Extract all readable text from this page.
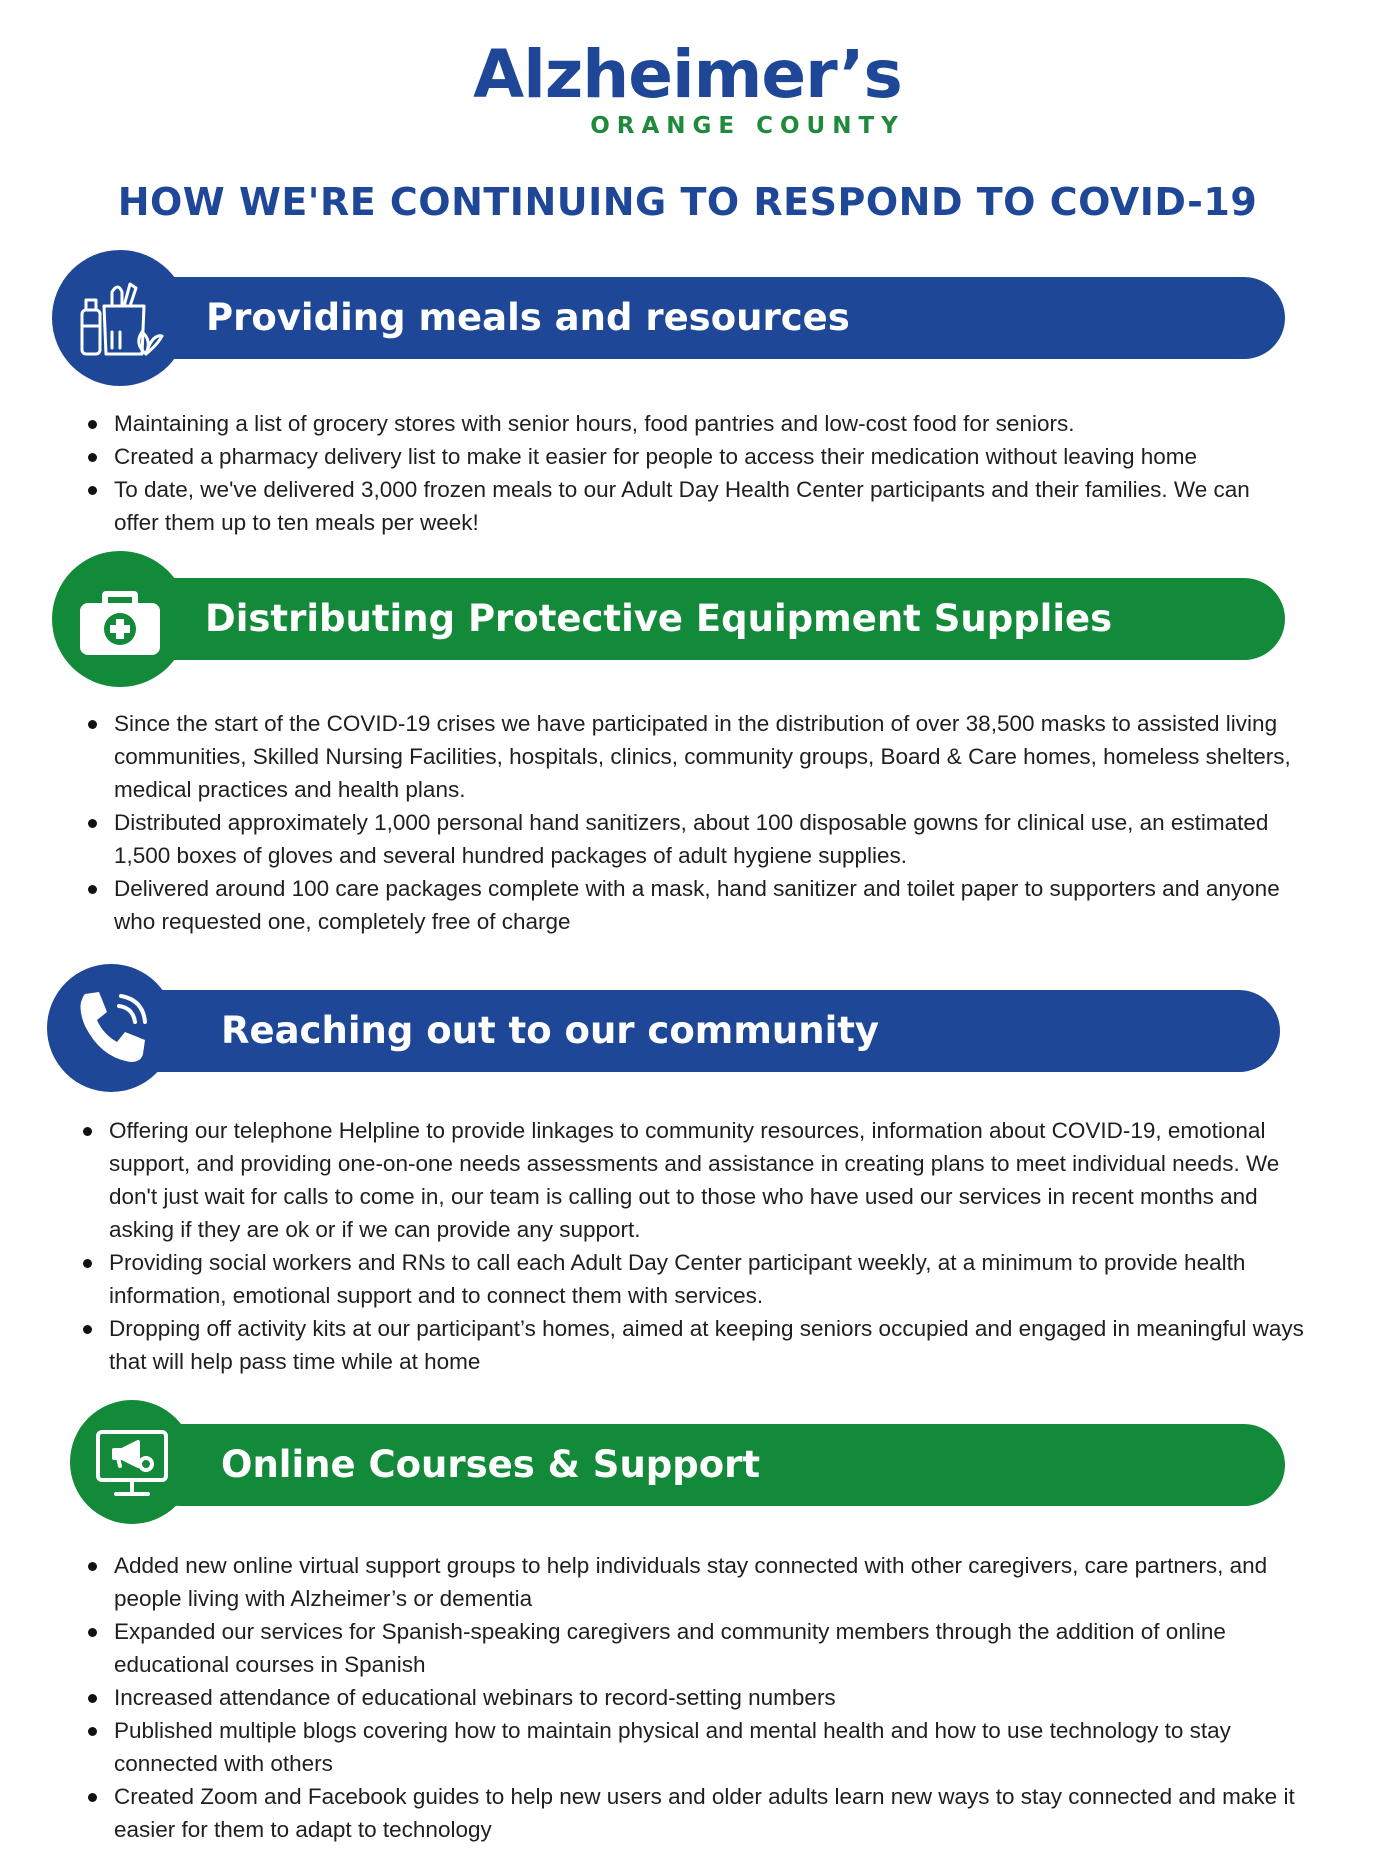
Alzheimer’s
ORANGE COUNTY
HOW WE'RE CONTINUING TO RESPOND TO COVID-19
Providing meals and resources
Maintaining a list of grocery stores with senior hours, food pantries and low-cost food for seniors.
Created a pharmacy delivery list to make it easier for people to access their medication without leaving home
To date, we've delivered 3,000 frozen meals to our Adult Day Health Center participants and their families. We can offer them up to ten meals per week!
Distributing Protective Equipment Supplies
Since the start of the COVID-19 crises we have participated in the distribution of over 38,500 masks to assisted living communities, Skilled Nursing Facilities, hospitals, clinics, community groups, Board & Care homes, homeless shelters, medical practices and health plans.
Distributed approximately 1,000 personal hand sanitizers, about 100 disposable gowns for clinical use, an estimated 1,500 boxes of gloves and several hundred packages of adult hygiene supplies.
Delivered around 100 care packages complete with a mask, hand sanitizer and toilet paper to supporters and anyone who requested one, completely free of charge
Reaching out to our community
Offering our telephone Helpline to provide linkages to community resources, information about COVID-19, emotional support, and providing one-on-one needs assessments and assistance in creating plans to meet individual needs. We don't just wait for calls to come in, our team is calling out to those who have used our services in recent months and asking if they are ok or if we can provide any support.
Providing social workers and RNs to call each Adult Day Center participant weekly, at a minimum to provide health information, emotional support and to connect them with services.
Dropping off activity kits at our participant’s homes, aimed at keeping seniors occupied and engaged in meaningful ways that will help pass time while at home
Online Courses & Support
Added new online virtual support groups to help individuals stay connected with other caregivers, care partners, and people living with Alzheimer’s or dementia
Expanded our services for Spanish-speaking caregivers and community members through the addition of online educational courses in Spanish
Increased attendance of educational webinars to record-setting numbers
Published multiple blogs covering how to maintain physical and mental health and how to use technology to stay connected with others
Created Zoom and Facebook guides to help new users and older adults learn new ways to stay connected and make it easier for them to adapt to technology
